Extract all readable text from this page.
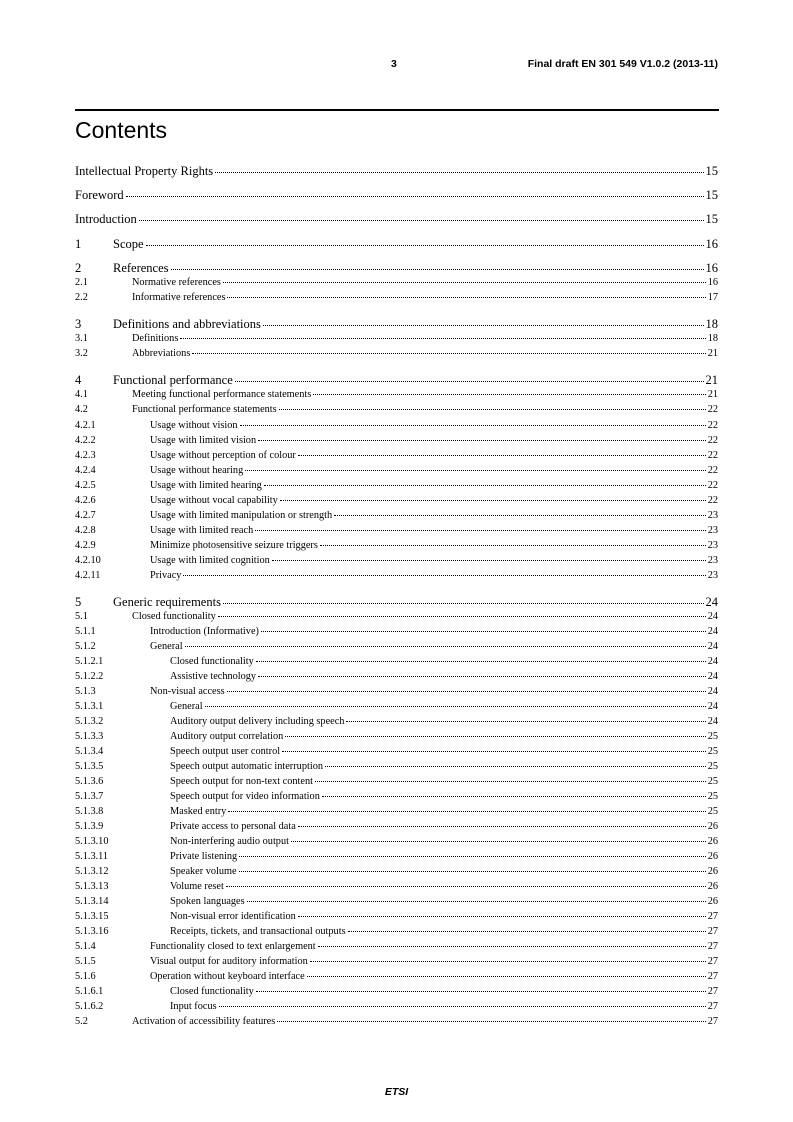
3	Final draft EN 301 549 V1.0.2 (2013-11)
Contents
Intellectual Property Rights	15
Foreword	15
Introduction	15
1	Scope	16
2	References	16
2.1	Normative references	16
2.2	Informative references	17
3	Definitions and abbreviations	18
3.1	Definitions	18
3.2	Abbreviations	21
4	Functional performance	21
4.1	Meeting functional performance statements	21
4.2	Functional performance statements	22
4.2.1	Usage without vision	22
4.2.2	Usage with limited vision	22
4.2.3	Usage without perception of colour	22
4.2.4	Usage without hearing	22
4.2.5	Usage with limited hearing	22
4.2.6	Usage without vocal capability	22
4.2.7	Usage with limited manipulation or strength	23
4.2.8	Usage with limited reach	23
4.2.9	Minimize photosensitive seizure triggers	23
4.2.10	Usage with limited cognition	23
4.2.11	Privacy	23
5	Generic requirements	24
5.1	Closed functionality	24
5.1.1	Introduction (Informative)	24
5.1.2	General	24
5.1.2.1	Closed functionality	24
5.1.2.2	Assistive technology	24
5.1.3	Non-visual access	24
5.1.3.1	General	24
5.1.3.2	Auditory output delivery including speech	24
5.1.3.3	Auditory output correlation	25
5.1.3.4	Speech output user control	25
5.1.3.5	Speech output automatic interruption	25
5.1.3.6	Speech output for non-text content	25
5.1.3.7	Speech output for video information	25
5.1.3.8	Masked entry	25
5.1.3.9	Private access to personal data	26
5.1.3.10	Non-interfering audio output	26
5.1.3.11	Private listening	26
5.1.3.12	Speaker volume	26
5.1.3.13	Volume reset	26
5.1.3.14	Spoken languages	26
5.1.3.15	Non-visual error identification	27
5.1.3.16	Receipts, tickets, and transactional outputs	27
5.1.4	Functionality closed to text enlargement	27
5.1.5	Visual output for auditory information	27
5.1.6	Operation without keyboard interface	27
5.1.6.1	Closed functionality	27
5.1.6.2	Input focus	27
5.2	Activation of accessibility features	27
ETSI
